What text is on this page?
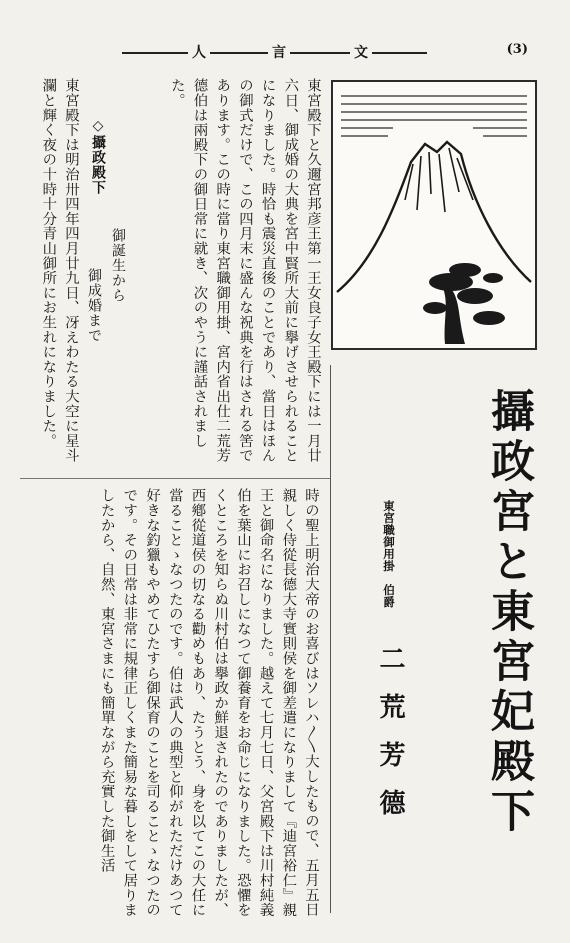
人	言	文	(3)
東宮殿下は明治卅四年四月廿九日、冴えわたる大空に星斗瀾と輝く夜の十時十分青山御所にお生れになりました。	◇攝政殿下
御誕生から
御成婚まで	東宮殿下と久邇宮邦彦王第一王女良子女王殿下には一月廿六日、御成婚の大典を宮中賢所大前に擧げさせられることになりました。時恰も震災直後のことであり、當日はほんの御式だけで、この四月末に盛んな祝典を行はされる筈であります。この時に當り東宮職御用掛、宮内省出仕二荒芳德伯は兩殿下の御日常に就き、次のやうに謹話されました。
攝政宮と東宮妃殿下
東宮職御用掛　伯爵
二荒芳德
時の聖上明治大帝のお喜びはソレハ〱大したもので、五月五日親しく侍從長德大寺實則侯を御差遣になりまして『迪宮裕仁』親王と御命名になりました。越えて七月七日、父宮殿下は川村純義伯を葉山にお召しになつて御養育をお命じになりました。恐懼をくところを知らぬ川村伯は擧政か鮮退されたのでありましたが、西鄕從道侯の切なる勸めもあり、たうとう、身を以てこの大任に當ることゝなつたのです。伯は武人の典型と仰がれただけあつて好きな釣獵もやめてひたすら御保育のことを司ることゝなつたのです。その日常は非常に規律正しくまた簡易な暮しをして居りましたから、自然、東宮さまにも簡單ながら充實した御生活
